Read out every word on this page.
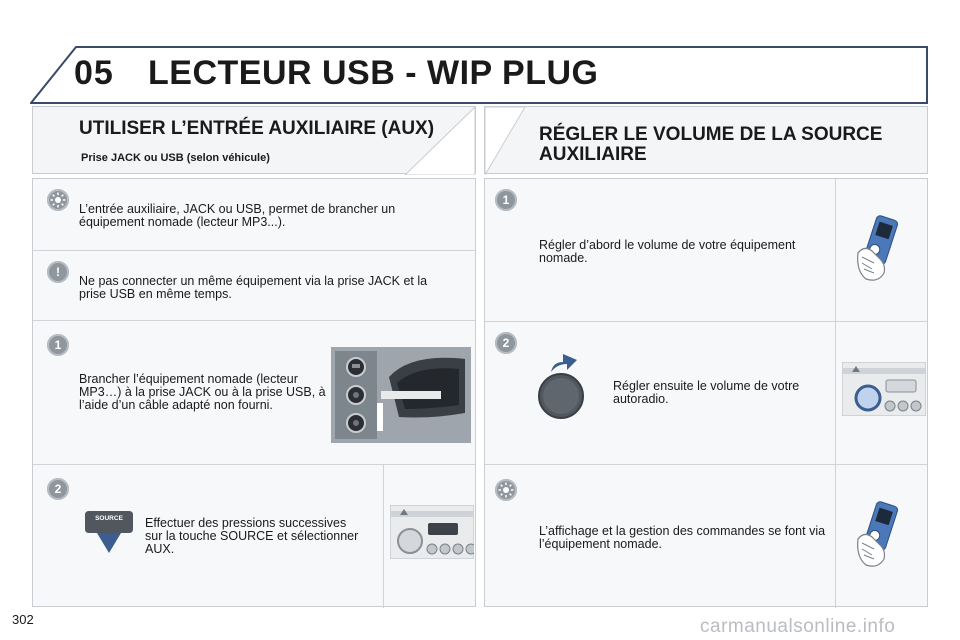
05 LECTEUR USB - WIP PLUG
UTILISER L’ENTRÉE AUXILIAIRE (AUX)
Prise JACK ou USB (selon véhicule)
L’entrée auxiliaire, JACK ou USB, permet de brancher un équipement nomade (lecteur MP3...).
!
Ne pas connecter un même équipement via la prise JACK et la prise USB en même temps.
1
Brancher l’équipement nomade (lecteur MP3…) à la prise JACK ou à la prise USB, à l’aide d’un câble adapté non fourni.
2
SOURCE	Effectuer des pressions successives sur la touche SOURCE et sélectionner AUX.
RÉGLER LE VOLUME DE LA SOURCE
AUXILIAIRE
1
Régler d’abord le volume de votre équipement nomade.
2
Régler ensuite le volume de votre autoradio.
L’affichage et la gestion des commandes se font via l’équipement nomade.
302	carmanualsonline.info
